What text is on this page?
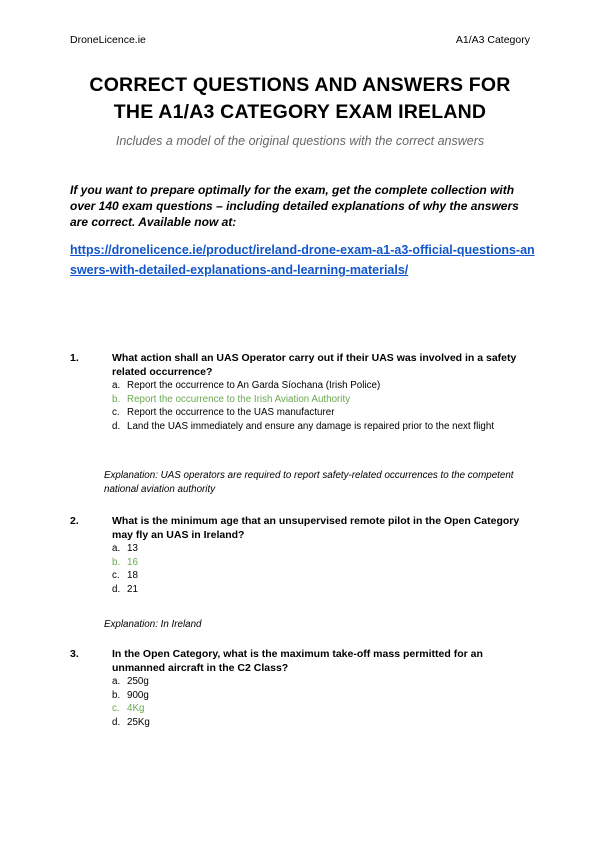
DroneLicence.ie	A1/A3 Category
CORRECT QUESTIONS AND ANSWERS FOR
THE A1/A3 CATEGORY EXAM IRELAND
Includes a model of the original questions with the correct answers
If you want to prepare optimally for the exam, get the complete collection with over 140 exam questions – including detailed explanations of why the answers are correct. Available now at:
https://dronelicence.ie/product/ireland-drone-exam-a1-a3-official-questions-answers-with-detailed-explanations-and-learning-materials/
1.	What action shall an UAS Operator carry out if their UAS was involved in a safety related occurrence?
a. Report the occurrence to An Garda Síochana (Irish Police)
b. Report the occurrence to the Irish Aviation Authority
c. Report the occurrence to the UAS manufacturer
d. Land the UAS immediately and ensure any damage is repaired prior to the next flight
Explanation: UAS operators are required to report safety-related occurrences to the competent national aviation authority
2.	What is the minimum age that an unsupervised remote pilot in the Open Category may fly an UAS in Ireland?
a. 13
b. 16
c. 18
d. 21
Explanation: In Ireland
3.	In the Open Category, what is the maximum take-off mass permitted for an unmanned aircraft in the C2 Class?
a. 250g
b. 900g
c. 4Kg
d. 25Kg
